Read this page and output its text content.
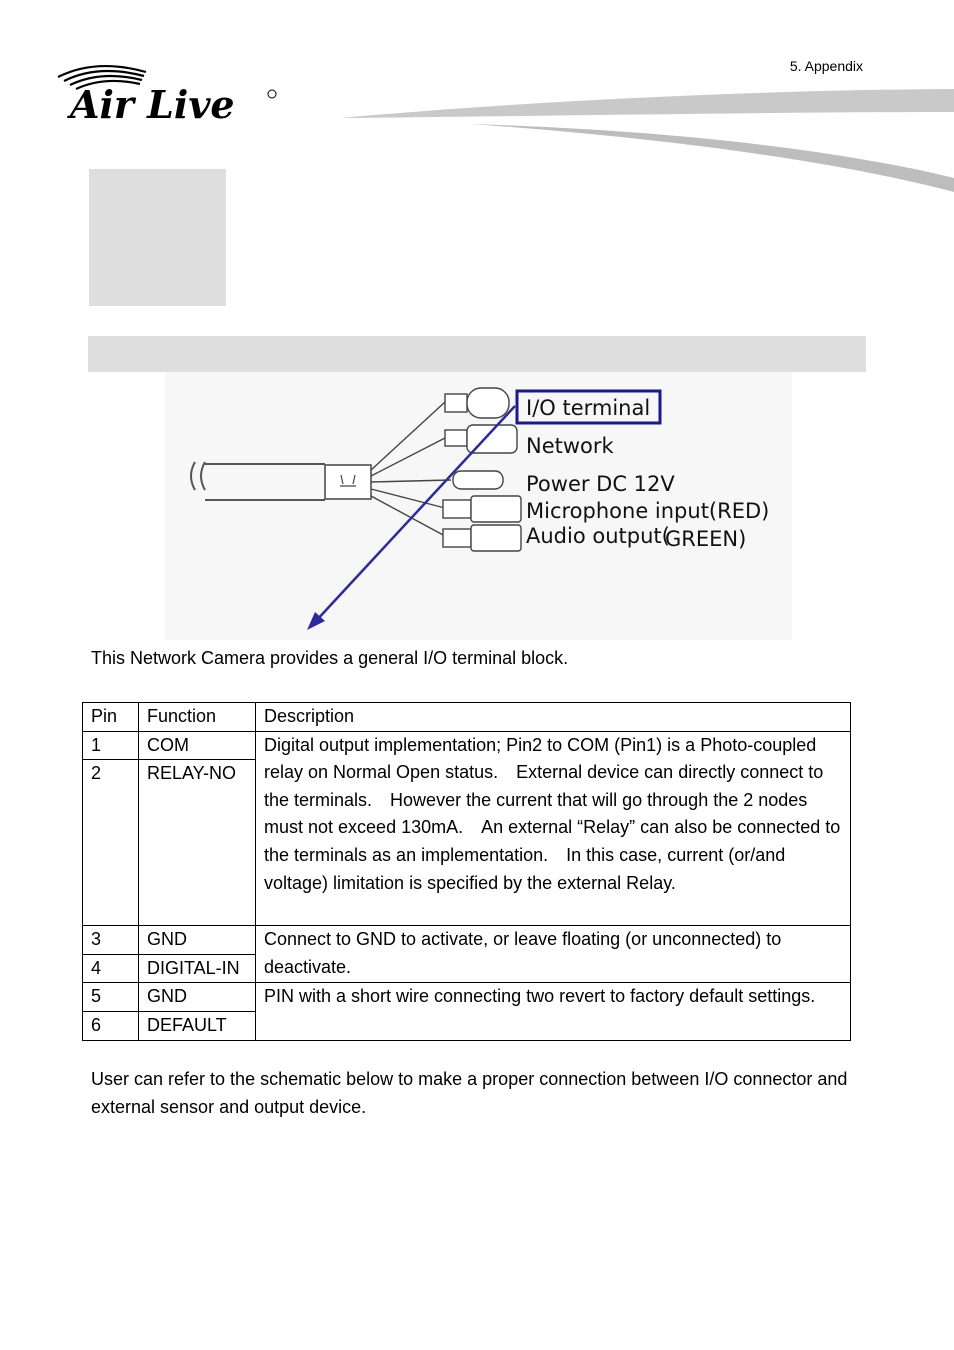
5. Appendix
Air Live
I/O terminal
Network
Power DC 12V
Microphone input(RED)
Audio output(
GREEN)
This Network Camera provides a general I/O terminal block.
Pin	Function	Description
1	COM	Digital output implementation; Pin2 to COM (Pin1) is a Photo-coupled relay on Normal Open status.　External device can directly connect to the terminals.　However the current that will go through the 2 nodes must not exceed 130mA.　An external “Relay” can also be connected to the terminals as an implementation.　In this case, current (or/and voltage) limitation is specified by the external Relay.
2	RELAY-NO	
3	GND	Connect to GND to activate, or leave floating (or unconnected) to deactivate.
4	DIGITAL-IN	
5	GND	PIN with a short wire connecting two revert to factory default settings.
6	DEFAULT	
User can refer to the schematic below to make a proper connection between I/O connector and external sensor and output device.
